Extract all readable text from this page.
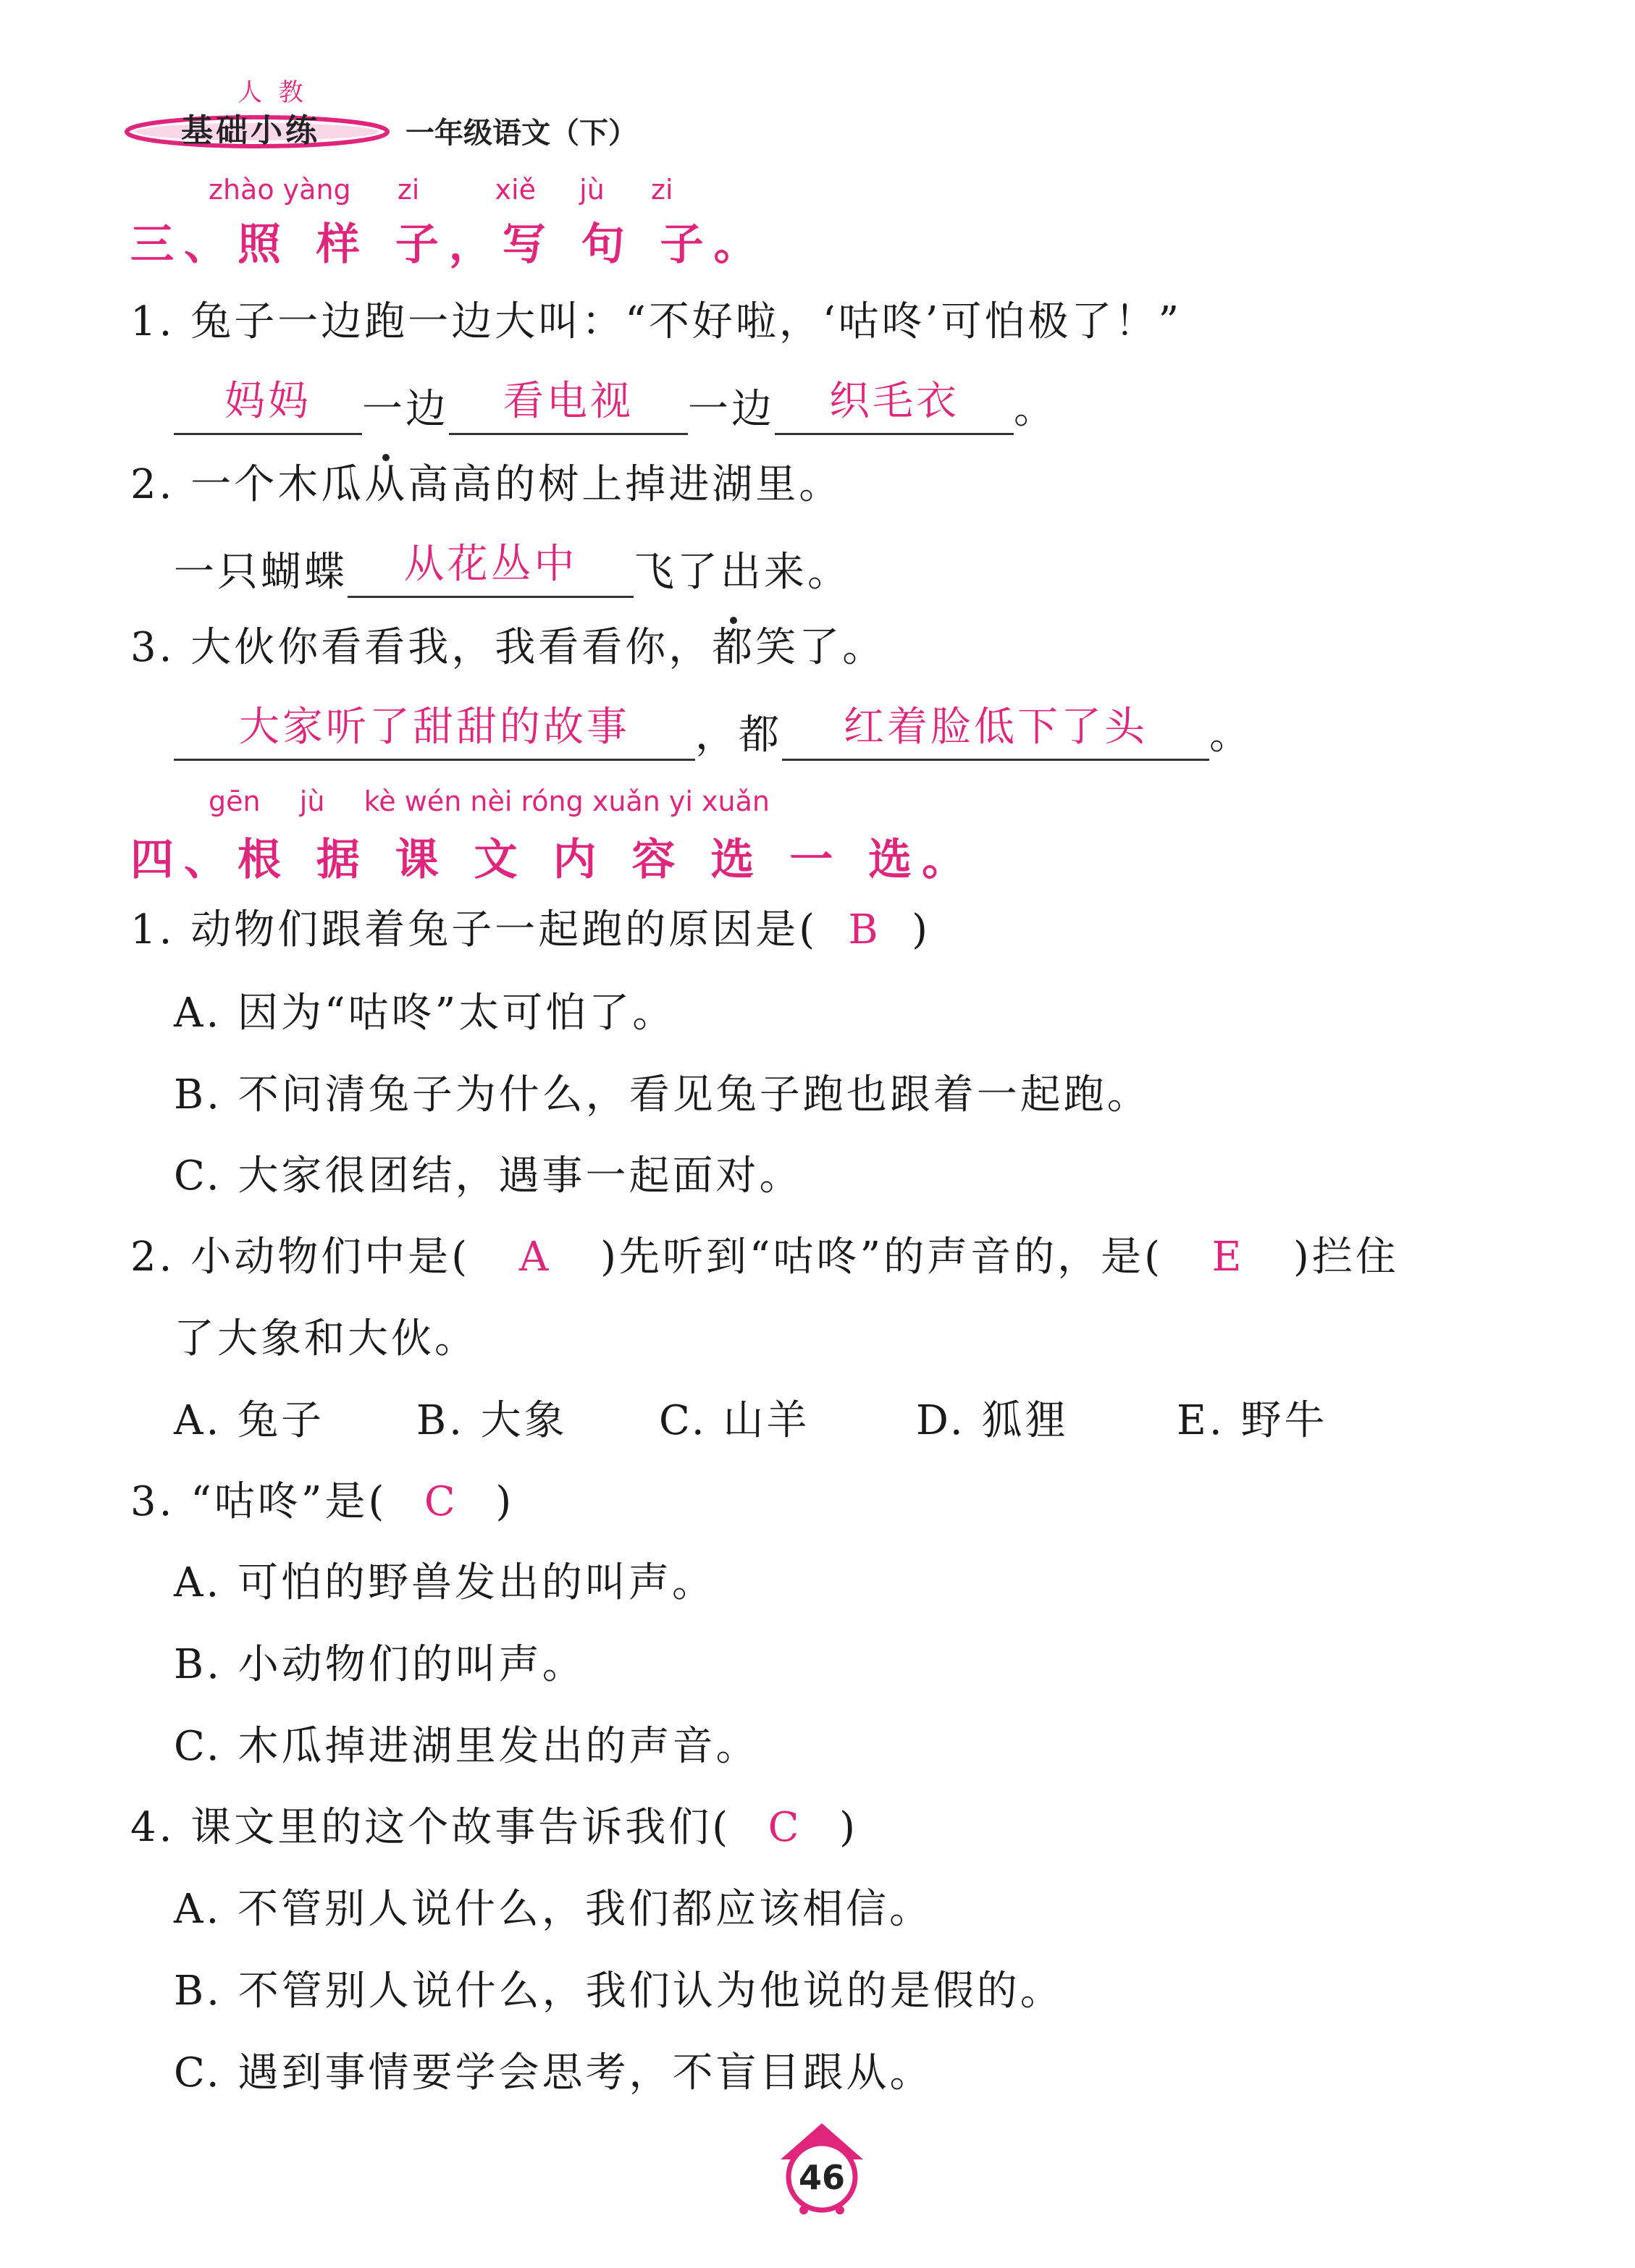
人 教
基础小练	一年级语文（下）
zhào yàng zi	xiě jù zi
三、照 样 子，写 句 子。
1. 兔子一边跑一边大叫：“不好啦，‘咕咚’可怕极了！”
妈妈 一边 看电视 一边 织毛衣 。
2. 一个木瓜从高高的树上掉进湖里。
一只蝴蝶 从花丛中 飞了出来。
3. 大伙你看看我，我看看你，都笑了。
大家听了甜甜的故事 ，都 红着脸低下了头 。
gēn jù kè wén nèi róng xuǎn yi xuǎn
四、根 据 课 文 内 容 选 一 选。
1. 动物们跟着兔子一起跑的原因是( B )
A. 因为“咕咚”太可怕了。
B. 不问清兔子为什么，看见兔子跑也跟着一起跑。
C. 大家很团结，遇事一起面对。
2. 小动物们中是( A )先听到“咕咚”的声音的，是( E )拦住
了大象和大伙。
A. 兔子 B. 大象 C. 山羊	D. 狐狸	E. 野牛
3. “咕咚”是( C )
A. 可怕的野兽发出的叫声。
B. 小动物们的叫声。
C. 木瓜掉进湖里发出的声音。
4. 课文里的这个故事告诉我们( C )
A. 不管别人说什么，我们都应该相信。
B. 不管别人说什么，我们认为他说的是假的。
C. 遇到事情要学会思考，不盲目跟从。
46
